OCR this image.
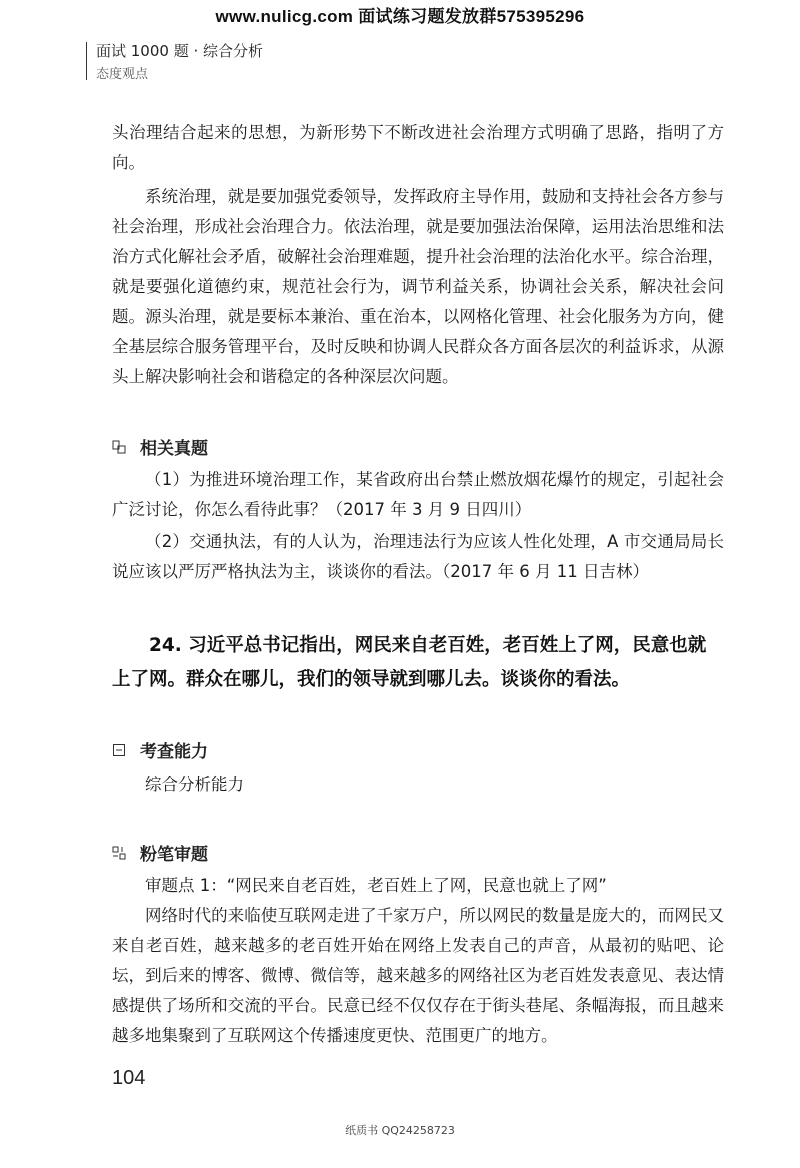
www.nulicg.com 面试练习题发放群575395296
面试 1000 题 · 综合分析
态度观点

头治理结合起来的思想，为新形势下不断改进社会治理方式明确了思路，指明了方向。

系统治理，就是要加强党委领导，发挥政府主导作用，鼓励和支持社会各方参与社会治理，形成社会治理合力。依法治理，就是要加强法治保障，运用法治思维和法治方式化解社会矛盾，破解社会治理难题，提升社会治理的法治化水平。综合治理，就是要强化道德约束，规范社会行为，调节利益关系，协调社会关系，解决社会问题。源头治理，就是要标本兼治、重在治本，以网格化管理、社会化服务为方向，健全基层综合服务管理平台，及时反映和协调人民群众各方面各层次的利益诉求，从源头上解决影响社会和谐稳定的各种深层次问题。

相关真题

（1）为推进环境治理工作，某省政府出台禁止燃放烟花爆竹的规定，引起社会广泛讨论，你怎么看待此事？（2017 年 3 月 9 日四川）

（2）交通执法，有的人认为，治理违法行为应该人性化处理，A 市交通局局长说应该以严厉严格执法为主，谈谈你的看法。（2017 年 6 月 11 日吉林）

24. 习近平总书记指出，网民来自老百姓，老百姓上了网，民意也就上了网。群众在哪儿，我们的领导就到哪儿去。谈谈你的看法。

考查能力

综合分析能力

粉笔审题

审题点 1：“网民来自老百姓，老百姓上了网，民意也就上了网”

网络时代的来临使互联网走进了千家万户，所以网民的数量是庞大的，而网民又来自老百姓，越来越多的老百姓开始在网络上发表自己的声音，从最初的贴吧、论坛，到后来的博客、微博、微信等，越来越多的网络社区为老百姓发表意见、表达情感提供了场所和交流的平台。民意已经不仅仅存在于街头巷尾、条幅海报，而且越来越多地集聚到了互联网这个传播速度更快、范围更广的地方。

104
纸质书 QQ24258723
